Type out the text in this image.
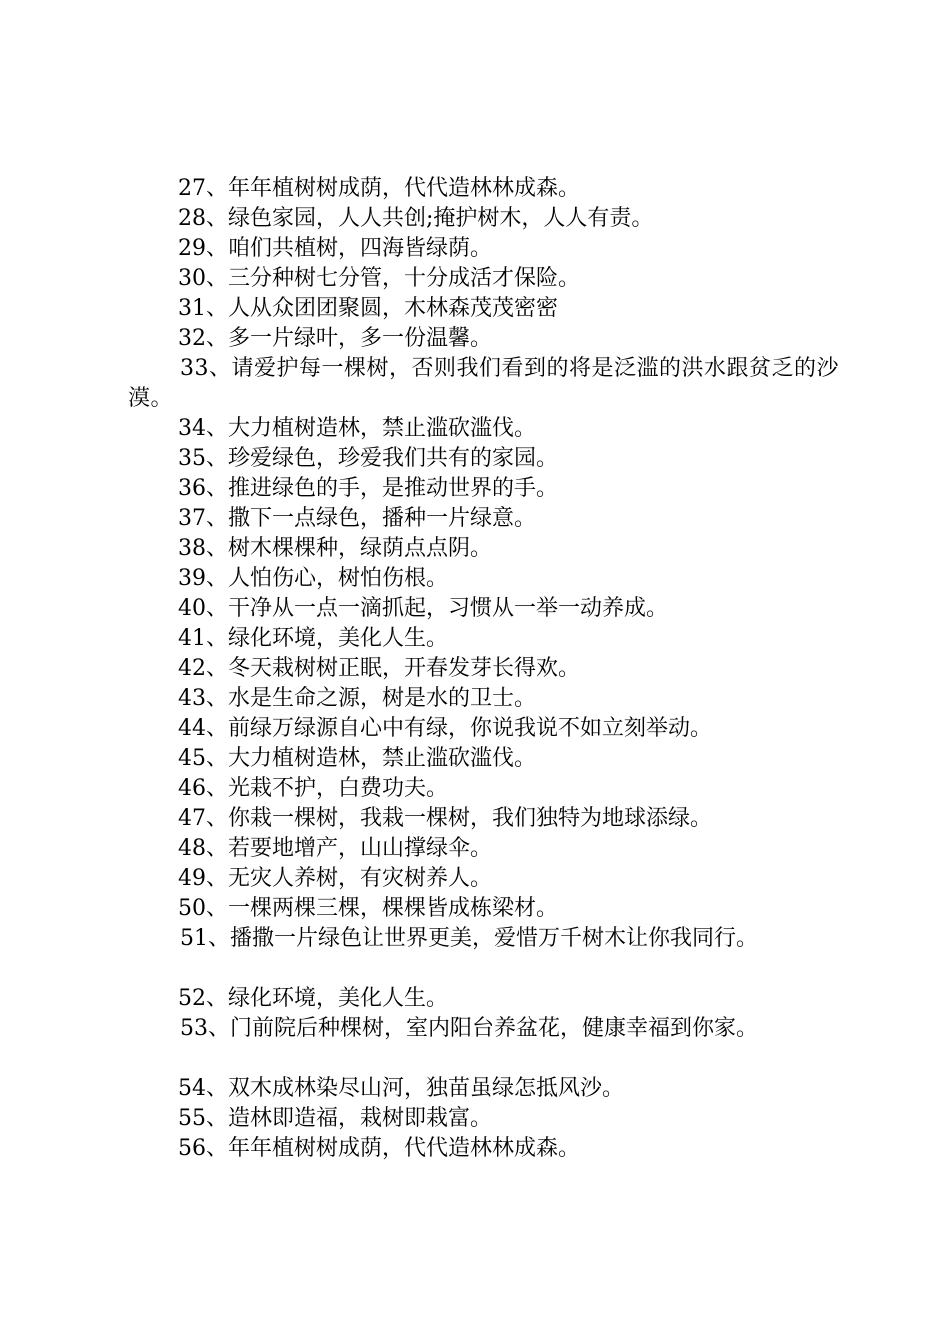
27、年年植树树成荫，代代造林林成森。
28、绿色家园，人人共创;掩护树木，人人有责。
29、咱们共植树，四海皆绿荫。
30、三分种树七分管，十分成活才保险。
31、人从众团团聚圆，木林森茂茂密密
32、多一片绿叶，多一份温馨。
33、请爱护每一棵树，否则我们看到的将是泛滥的洪水跟贫乏的沙漠。
34、大力植树造林，禁止滥砍滥伐。
35、珍爱绿色，珍爱我们共有的家园。
36、推进绿色的手，是推动世界的手。
37、撒下一点绿色，播种一片绿意。
38、树木棵棵种，绿荫点点阴。
39、人怕伤心，树怕伤根。
40、干净从一点一滴抓起，习惯从一举一动养成。
41、绿化环境，美化人生。
42、冬天栽树树正眠，开春发芽长得欢。
43、水是生命之源，树是水的卫士。
44、前绿万绿源自心中有绿，你说我说不如立刻举动。
45、大力植树造林，禁止滥砍滥伐。
46、光栽不护，白费功夫。
47、你栽一棵树，我栽一棵树，我们独特为地球添绿。
48、若要地增产，山山撑绿伞。
49、无灾人养树，有灾树养人。
50、一棵两棵三棵，棵棵皆成栋梁材。
51、播撒一片绿色让世界更美，爱惜万千树木让你我同行。
52、绿化环境，美化人生。
53、门前院后种棵树，室内阳台养盆花，健康幸福到你家。
54、双木成林染尽山河，独苗虽绿怎抵风沙。
55、造林即造福，栽树即栽富。
56、年年植树树成荫，代代造林林成森。
